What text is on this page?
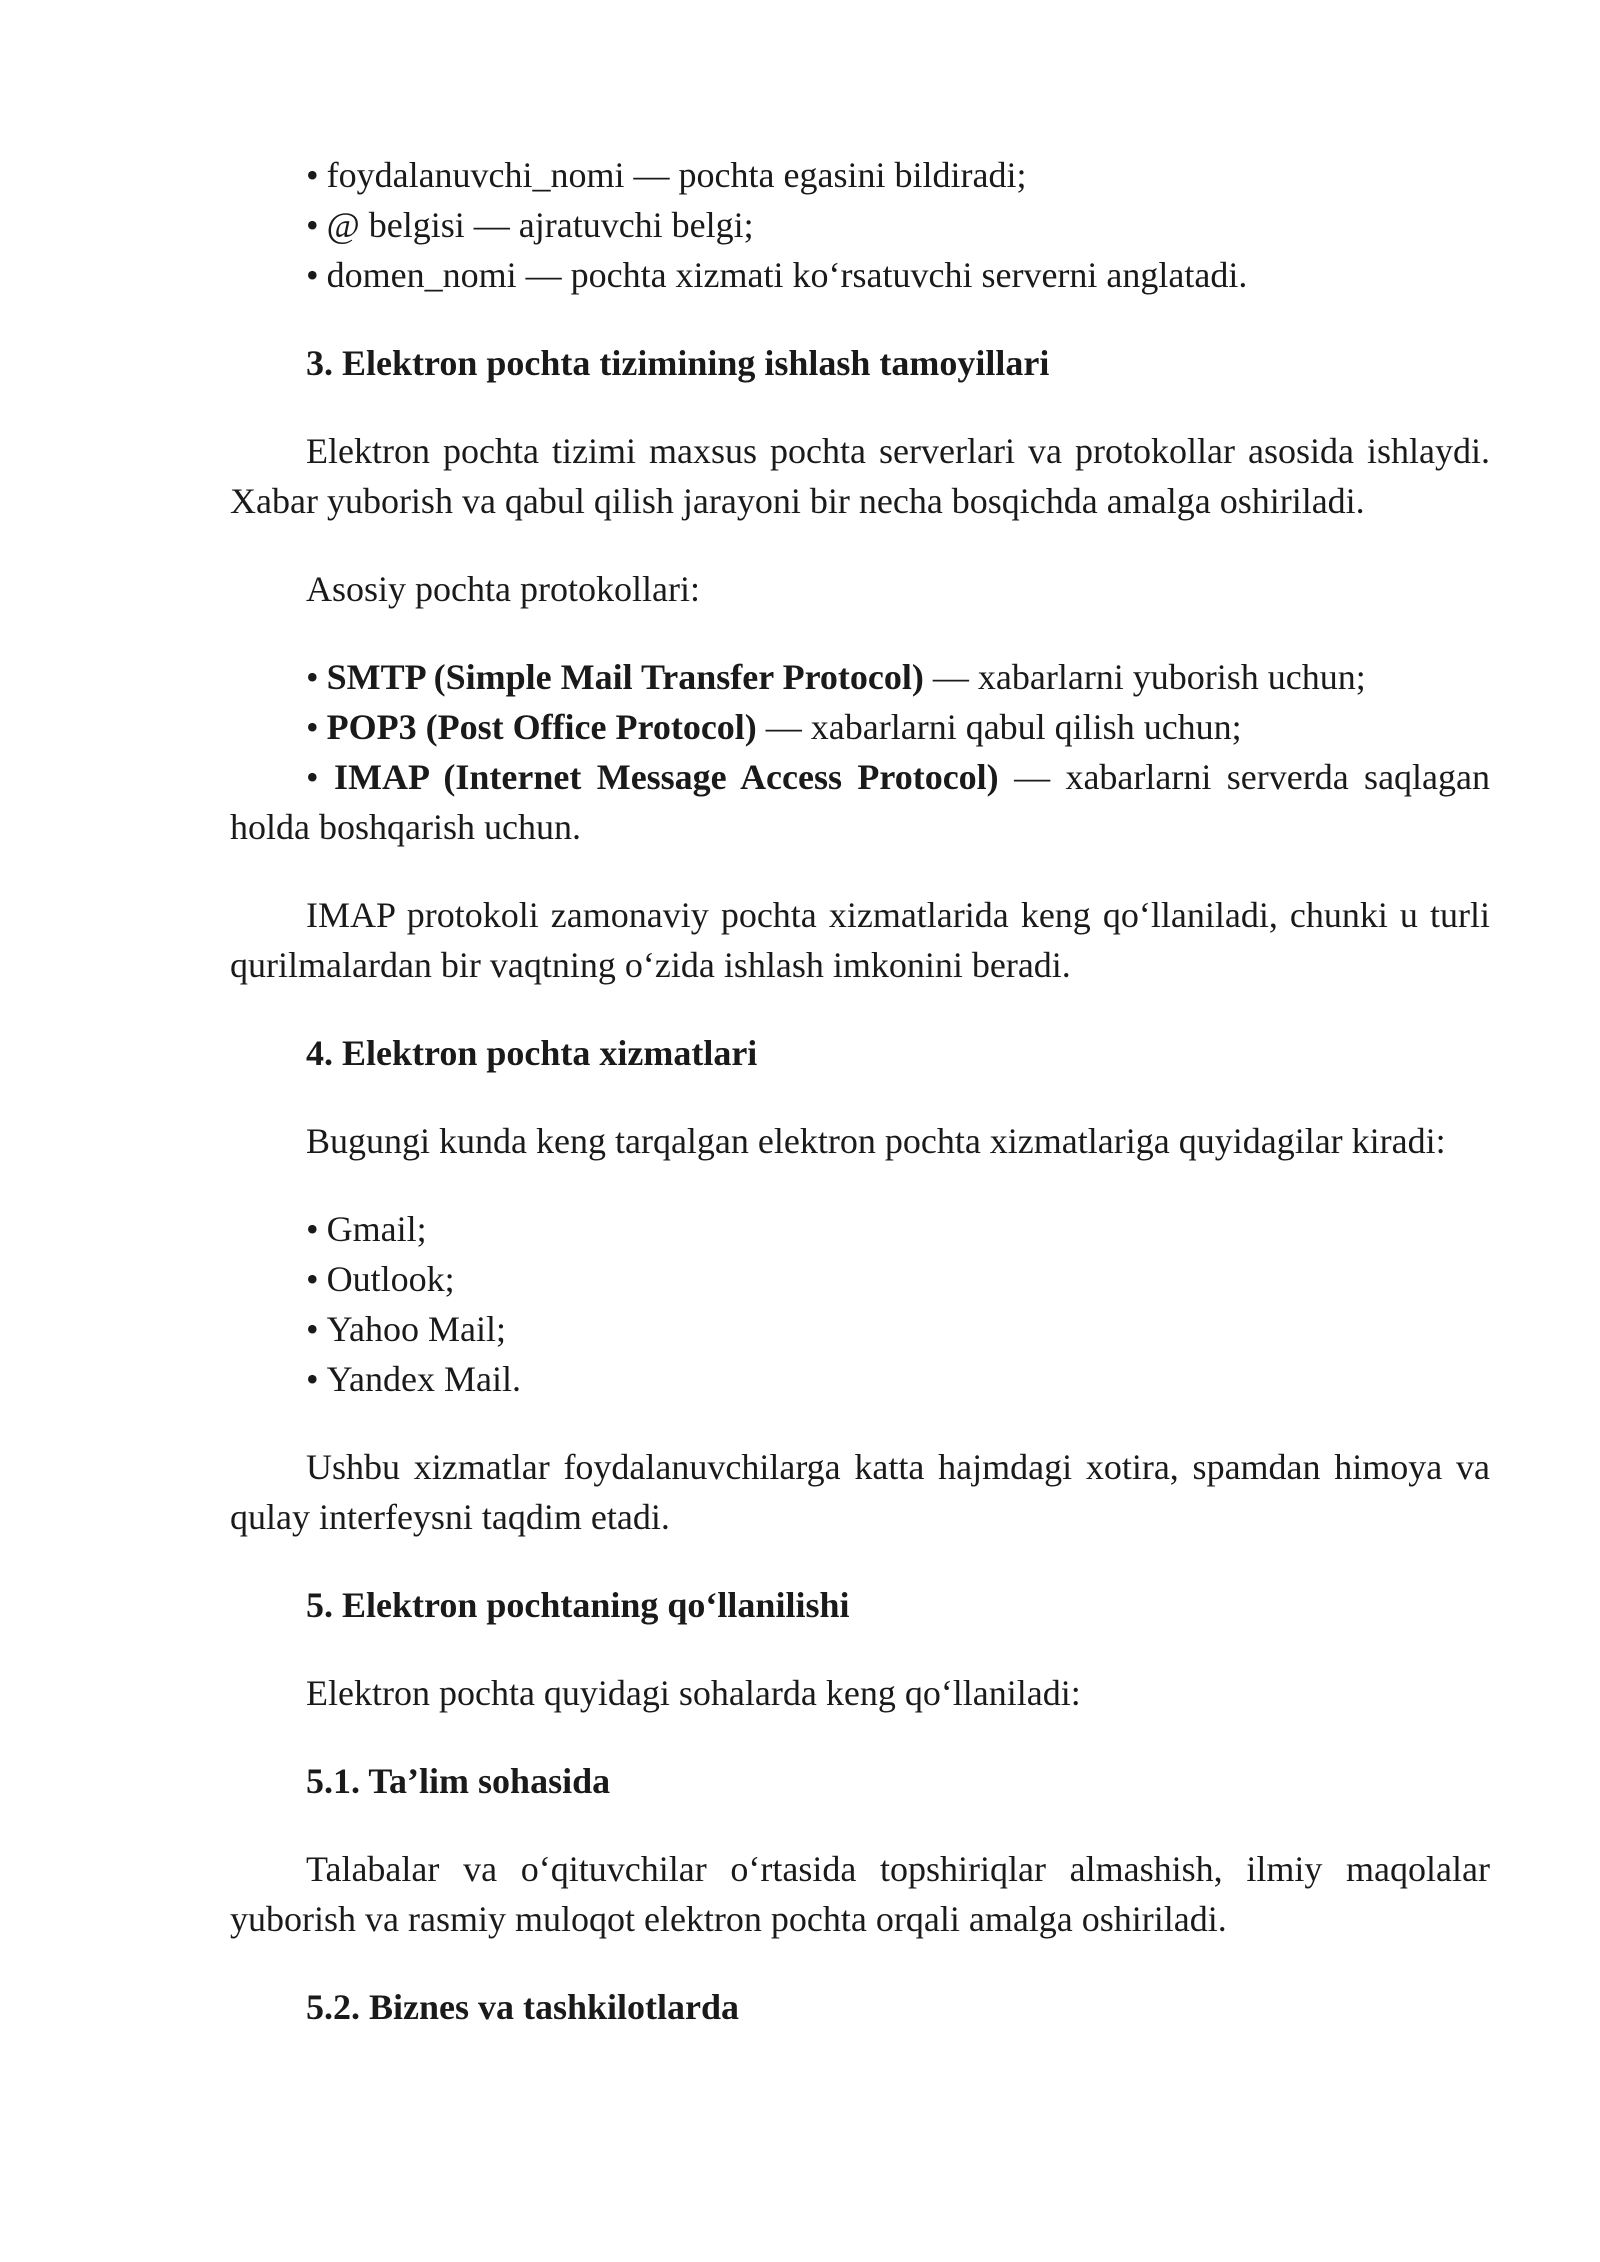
• foydalanuvchi_nomi — pochta egasini bildiradi;

• @ belgisi — ajratuvchi belgi;

• domen_nomi — pochta xizmati ko‘rsatuvchi serverni anglatadi.

3. Elektron pochta tizimining ishlash tamoyillari

Elektron pochta tizimi maxsus pochta serverlari va protokollar asosida ishlaydi. Xabar yuborish va qabul qilish jarayoni bir necha bosqichda amalga oshiriladi.

Asosiy pochta protokollari:

• SMTP (Simple Mail Transfer Protocol) — xabarlarni yuborish uchun;

• POP3 (Post Office Protocol) — xabarlarni qabul qilish uchun;

• IMAP (Internet Message Access Protocol) — xabarlarni serverda saqlagan holda boshqarish uchun.

IMAP protokoli zamonaviy pochta xizmatlarida keng qo‘llaniladi, chunki u turli qurilmalardan bir vaqtning o‘zida ishlash imkonini beradi.

4. Elektron pochta xizmatlari

Bugungi kunda keng tarqalgan elektron pochta xizmatlariga quyidagilar kiradi:

• Gmail;

• Outlook;

• Yahoo Mail;

• Yandex Mail.

Ushbu xizmatlar foydalanuvchilarga katta hajmdagi xotira, spamdan himoya va qulay interfeysni taqdim etadi.

5. Elektron pochtaning qo‘llanilishi

Elektron pochta quyidagi sohalarda keng qo‘llaniladi:

5.1. Ta’lim sohasida

Talabalar va o‘qituvchilar o‘rtasida topshiriqlar almashish, ilmiy maqolalar yuborish va rasmiy muloqot elektron pochta orqali amalga oshiriladi.

5.2. Biznes va tashkilotlarda
